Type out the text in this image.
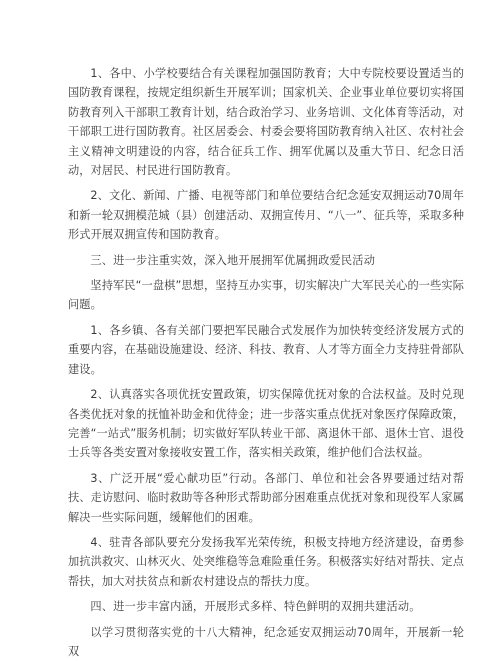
1、各中、小学校要结合有关课程加强国防教育；大中专院校要设置适当的国防教育课程，按规定组织新生开展军训；国家机关、企业事业单位要切实将国防教育列入干部职工教育计划，结合政治学习、业务培训、文化体育等活动，对干部职工进行国防教育。社区居委会、村委会要将国防教育纳入社区、农村社会主义精神文明建设的内容，结合征兵工作、拥军优属以及重大节日、纪念日活动，对居民、村民进行国防教育。

2、文化、新闻、广播、电视等部门和单位要结合纪念延安双拥运动70周年和新一轮双拥模范城（县）创建活动、双拥宣传月、“八一”、征兵等，采取多种形式开展双拥宣传和国防教育。

三、进一步注重实效，深入地开展拥军优属拥政爱民活动

坚持军民“一盘棋”思想，坚持互办实事，切实解决广大军民关心的一些实际问题。

1、各乡镇、各有关部门要把军民融合式发展作为加快转变经济发展方式的重要内容，在基础设施建设、经济、科技、教育、人才等方面全力支持驻骨部队建设。

2、认真落实各项优抚安置政策，切实保障优抚对象的合法权益。及时兑现各类优抚对象的抚恤补助金和优待金；进一步落实重点优抚对象医疗保障政策，完善“一站式”服务机制；切实做好军队转业干部、离退休干部、退休士官、退役士兵等各类安置对象接收安置工作，落实相关政策，维护他们合法权益。

3、广泛开展“爱心献功臣”行动。各部门、单位和社会各界要通过结对帮扶、走访慰问、临时救助等各种形式帮助部分困难重点优抚对象和现役军人家属解决一些实际问题，缓解他们的困难。

4、驻青各部队要充分发扬我军光荣传统，积极支持地方经济建设，奋勇参加抗洪救灾、山林灭火、处突维稳等急难险重任务。积极落实好结对帮扶、定点帮扶，加大对扶贫点和新农村建设点的帮扶力度。

四、进一步丰富内涵，开展形式多样、特色鲜明的双拥共建活动。

以学习贯彻落实党的十八大精神，纪念延安双拥运动70周年，开展新一轮双
